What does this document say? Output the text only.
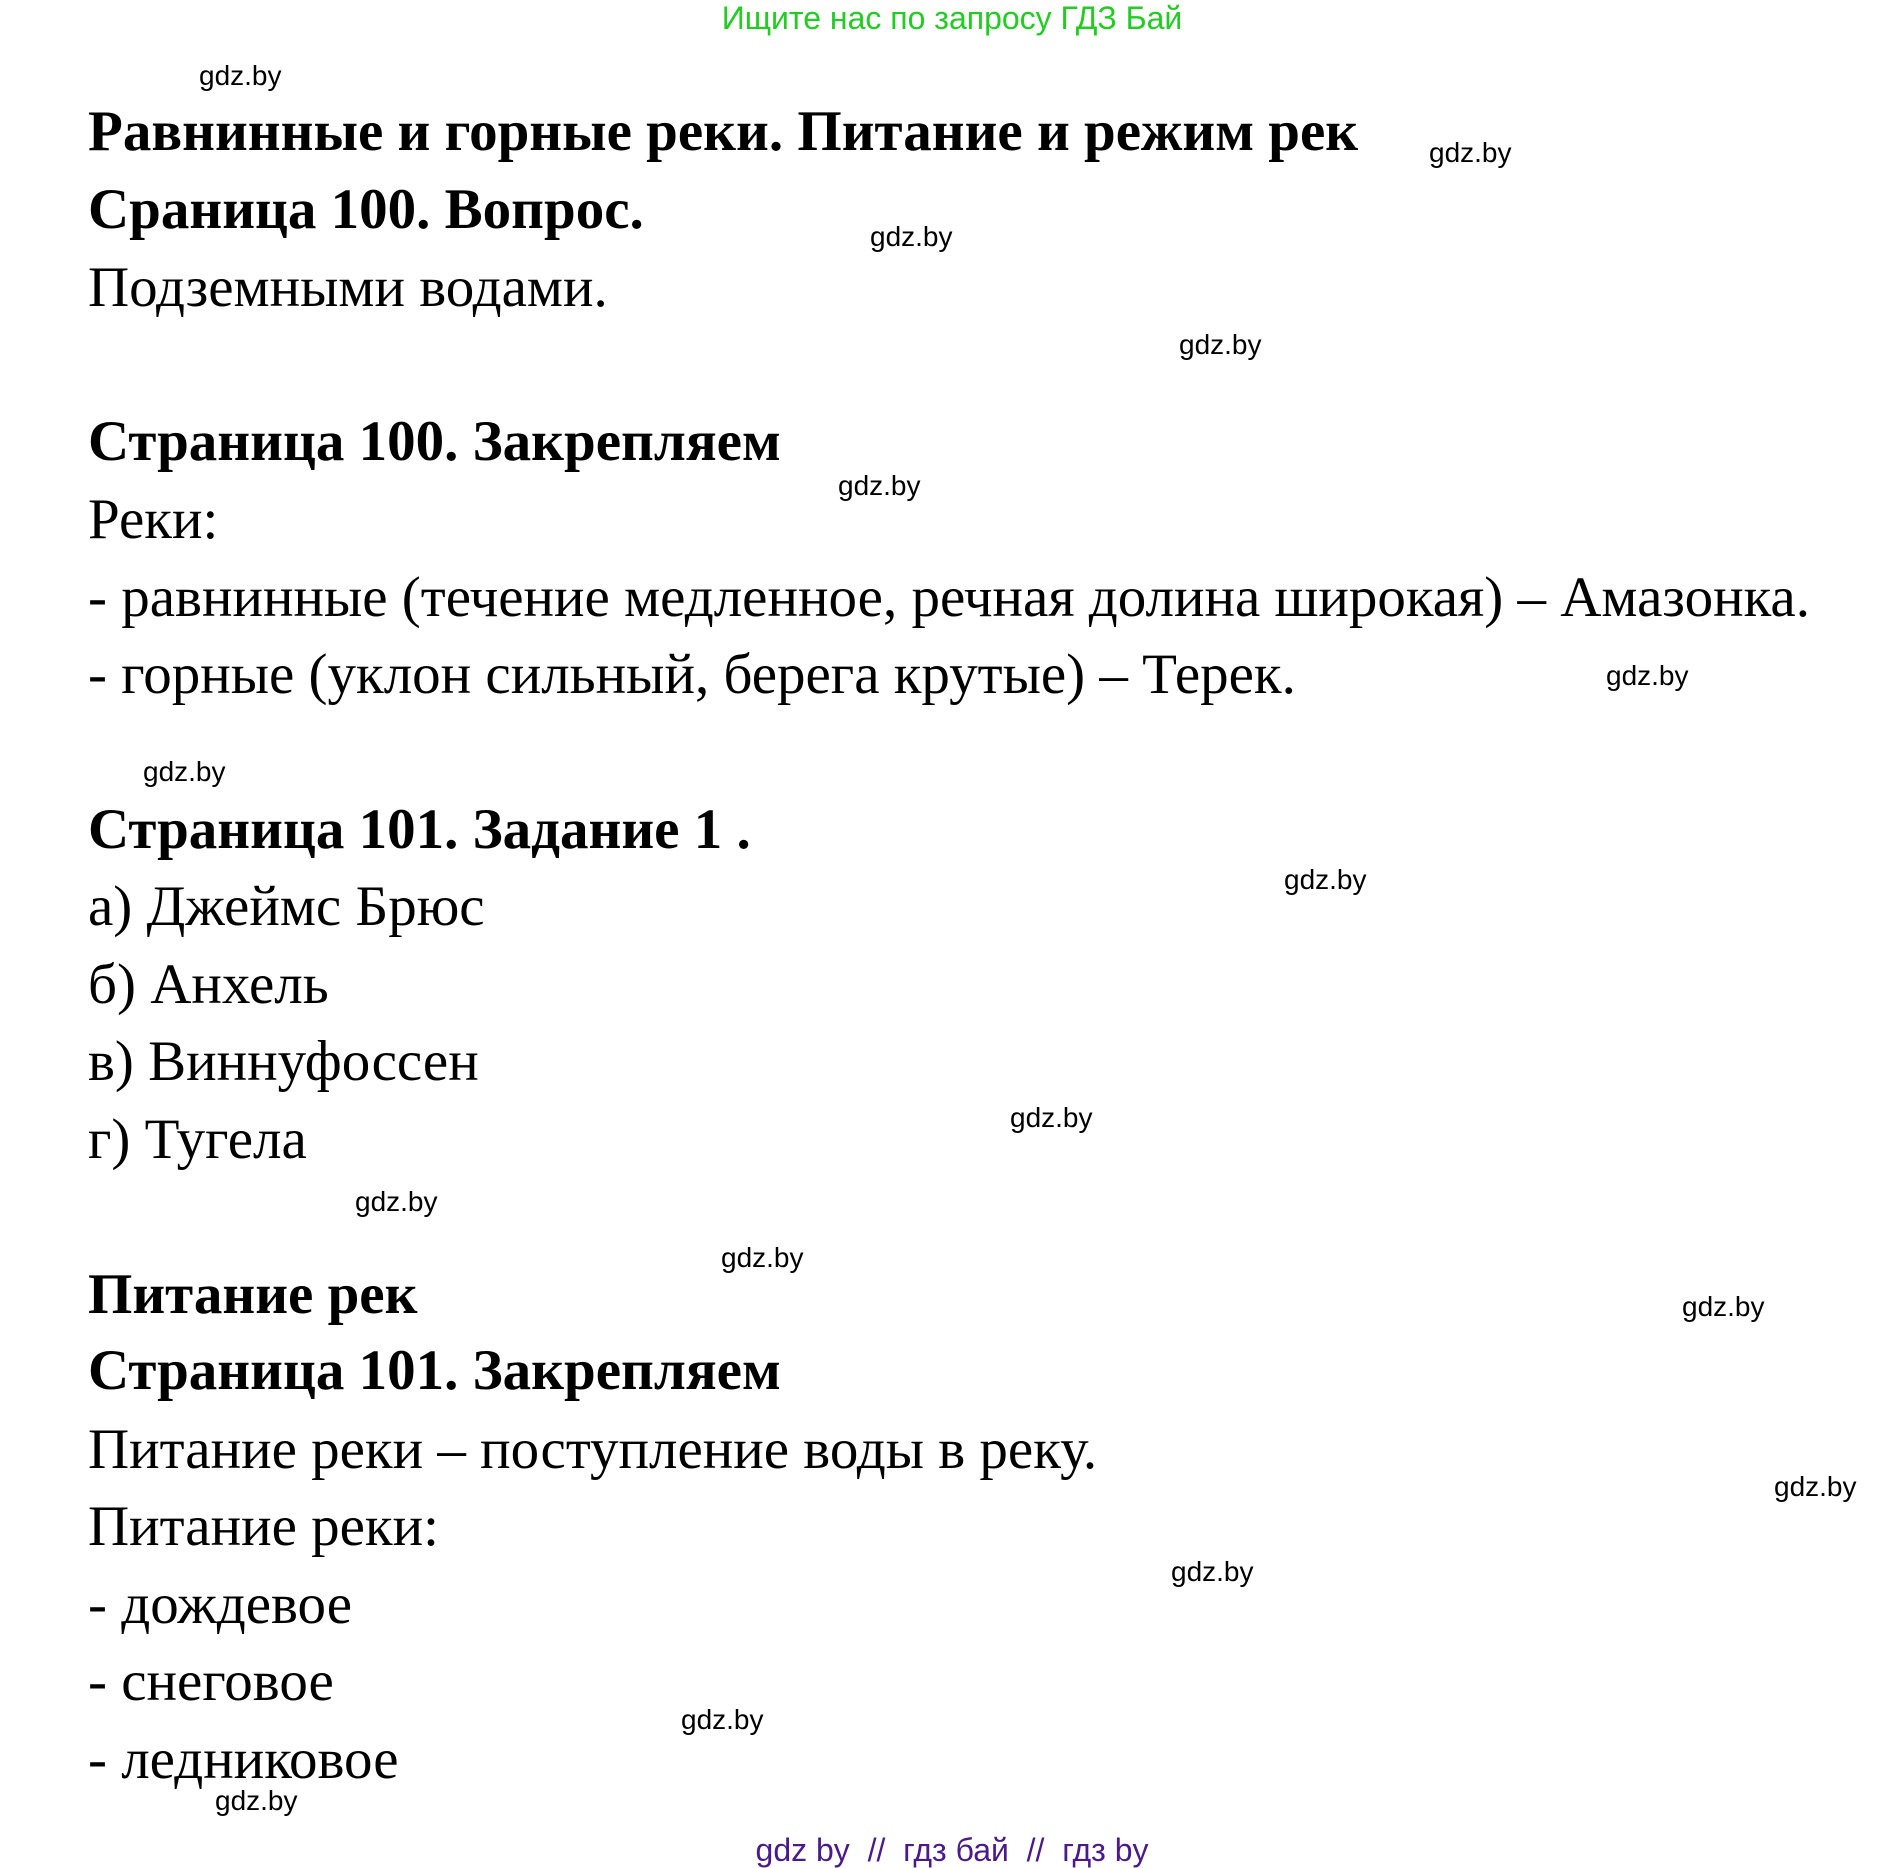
Ищите нас по запросу ГДЗ Бай
Равнинные и горные реки. Питание и режим рек
Сраница 100. Вопрос.
Подземными водами.
Страница 100. Закрепляем
Реки:
- равнинные (течение медленное, речная долина широкая) – Амазонка.
- горные (уклон сильный, берега крутые) – Терек.
Страница 101. Задание 1 .
а) Джеймс Брюс
б) Анхель
в) Виннуфоссен
г) Тугела
Питание рек
Страница 101. Закрепляем
Питание реки – поступление воды в реку.
Питание реки:
- дождевое
- снеговое
- ледниковое
gdz.by
gdz.by
gdz.by
gdz.by
gdz.by
gdz.by
gdz.by
gdz.by
gdz.by
gdz.by
gdz.by
gdz.by
gdz.by
gdz.by
gdz.by
gdz.by
gdz by  //  гдз бай  //  гдз by
